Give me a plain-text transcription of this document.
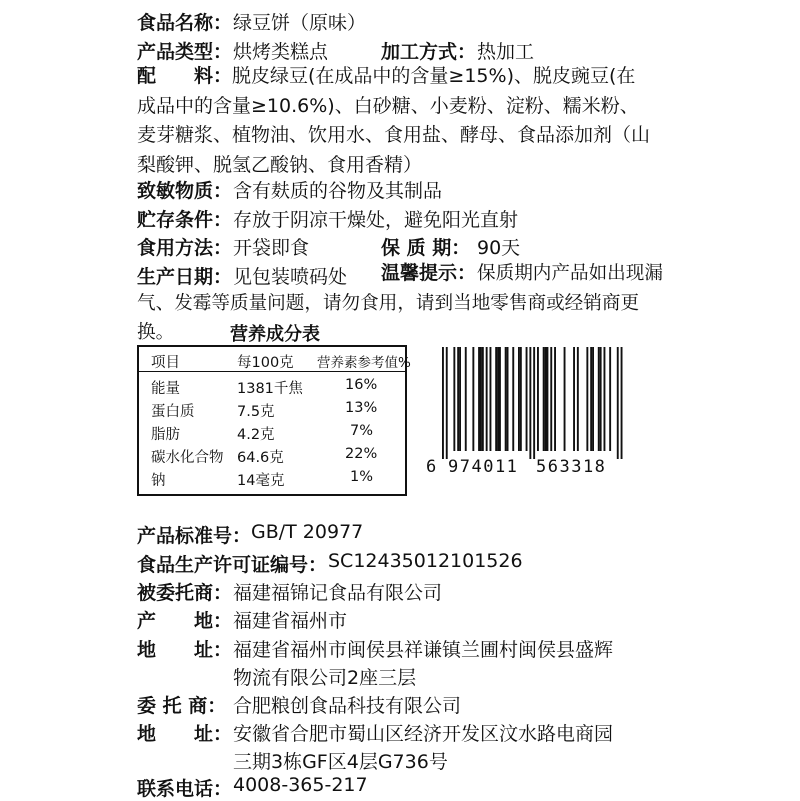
食品名称： 绿豆饼（原味）
产品类型： 烘烤类糕点	加工方式： 热加工
配　　料：脱皮绿豆(在成品中的含量≥15%)、脱皮豌豆(在成品中的含量≥10.6%)、白砂糖、小麦粉、淀粉、糯米粉、麦芽糖浆、植物油、饮用水、食用盐、酵母、食品添加剂（山梨酸钾、脱氢乙酸钠、食用香精）
致敏物质： 含有麸质的谷物及其制品
贮存条件： 存放于阴凉干燥处，避免阳光直射
食用方法： 开袋即食	保 质 期： 90天
生产日期： 见包装喷码处 温馨提示： 保质期内产品如出现漏气、发霉等质量问题，请勿食用，请到当地零售商或经销商更换。	营养成分表
项目	每100克 营养素参考值%
能量	1381千焦	16%
蛋白质	7.5克	13%
脂肪	4.2克	7%
碳水化合物 64.6克	22%
钠	14毫克	1%	6 974011 563318
产品标准号： GB/T 20977
食品生产许可证编号： SC12435012101526
被委托商： 福建福锦记食品有限公司
产　　地： 福建省福州市
地　　址： 福建省福州市闽侯县祥谦镇兰圃村闽侯县盛辉
物流有限公司2座三层
委 托 商： 合肥粮创食品科技有限公司
地　　址： 安徽省合肥市蜀山区经济开发区汶水路电商园
三期3栋GF区4层G736号
联系电话： 4008-365-217
